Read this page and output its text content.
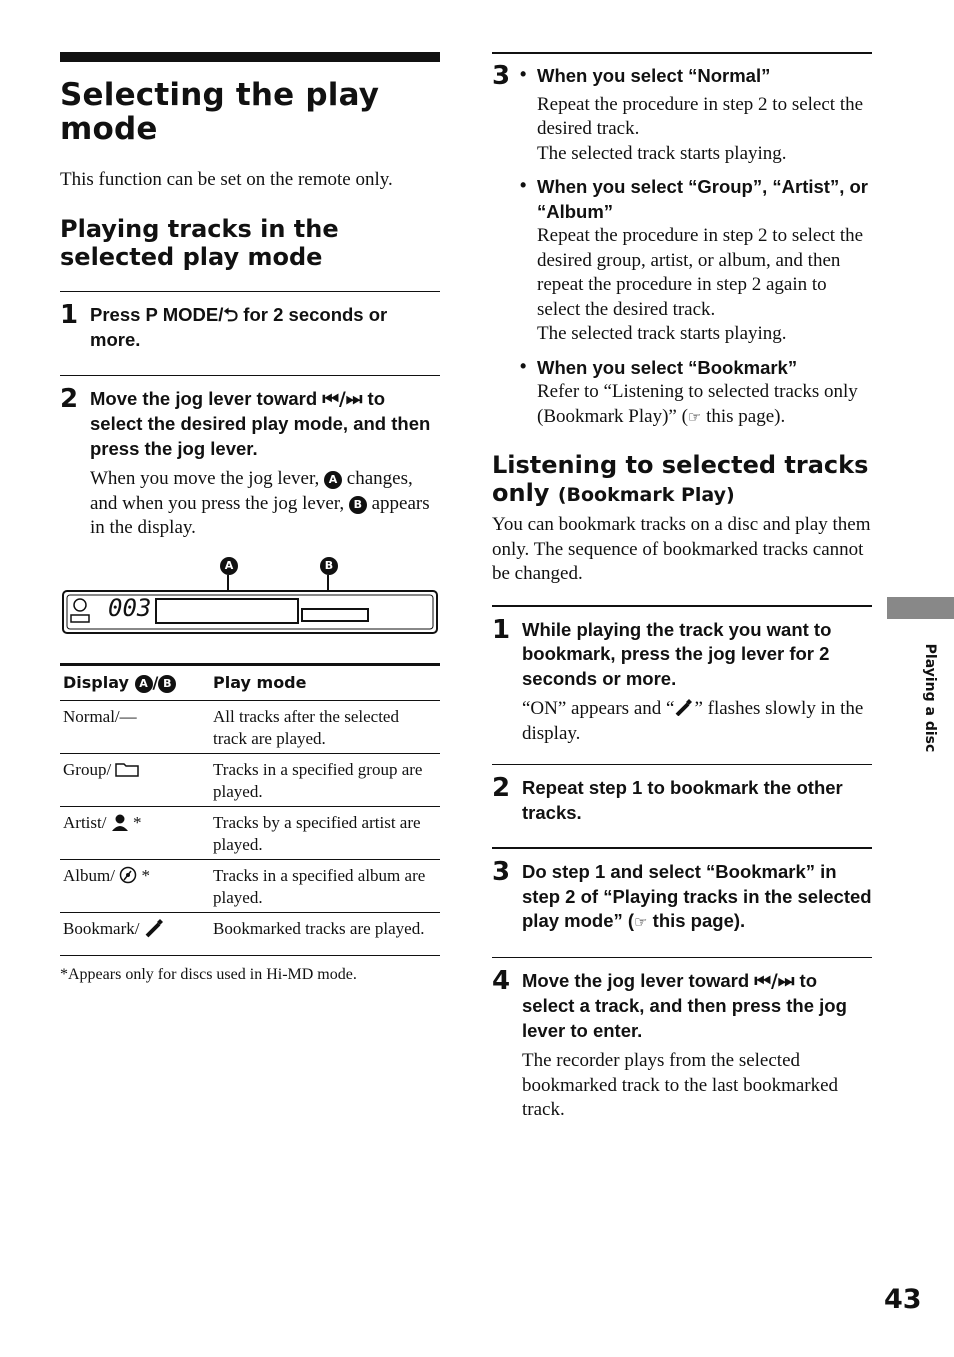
Selecting the play mode

This function can be set on the remote only.

Playing tracks in the selected play mode
1 Press P MODE/⮌ for 2 seconds or more.
2 Move the jog lever toward ⏮/⏭ to select the desired play mode, and then press the jog lever.

When you move the jog lever, A changes, and when you press the jog lever, B appears in the display.

A	B
003
Display A / B	Play mode
Normal/—	All tracks after the selected track are played.
Group/	Tracks in a specified group are played.
Artist/  *	Tracks by a specified artist are played.
Album/  *	Tracks in a specified album are played.
Bookmark/	Bookmarked tracks are played.

*Appears only for discs used in Hi-MD mode.

3 • When you select “Normal”

Repeat the procedure in step 2 to select the desired track.

The selected track starts playing.

• When you select “Group”, “Artist”, or “Album”

Repeat the procedure in step 2 to select the desired group, artist, or album, and then repeat the procedure in step 2 again to select the desired track.

The selected track starts playing.

• When you select “Bookmark”

Refer to “Listening to selected tracks only (Bookmark Play)” (☞ this page).

Listening to selected tracks only (Bookmark Play)

You can bookmark tracks on a disc and play them only. The sequence of bookmarked tracks cannot be changed.

1 While playing the track you want to bookmark, press the jog lever for 2 seconds or more.

“ON” appears and “ ” flashes slowly in the display.

2 Repeat step 1 to bookmark the other tracks.
3 Do step 1 and select “Bookmark” in step 2 of “Playing tracks in the selected play mode” (☞ this page).
4 Move the jog lever toward ⏮/⏭ to select a track, and then press the jog lever to enter.

The recorder plays from the selected bookmarked track to the last bookmarked track.

Playing a disc
43
